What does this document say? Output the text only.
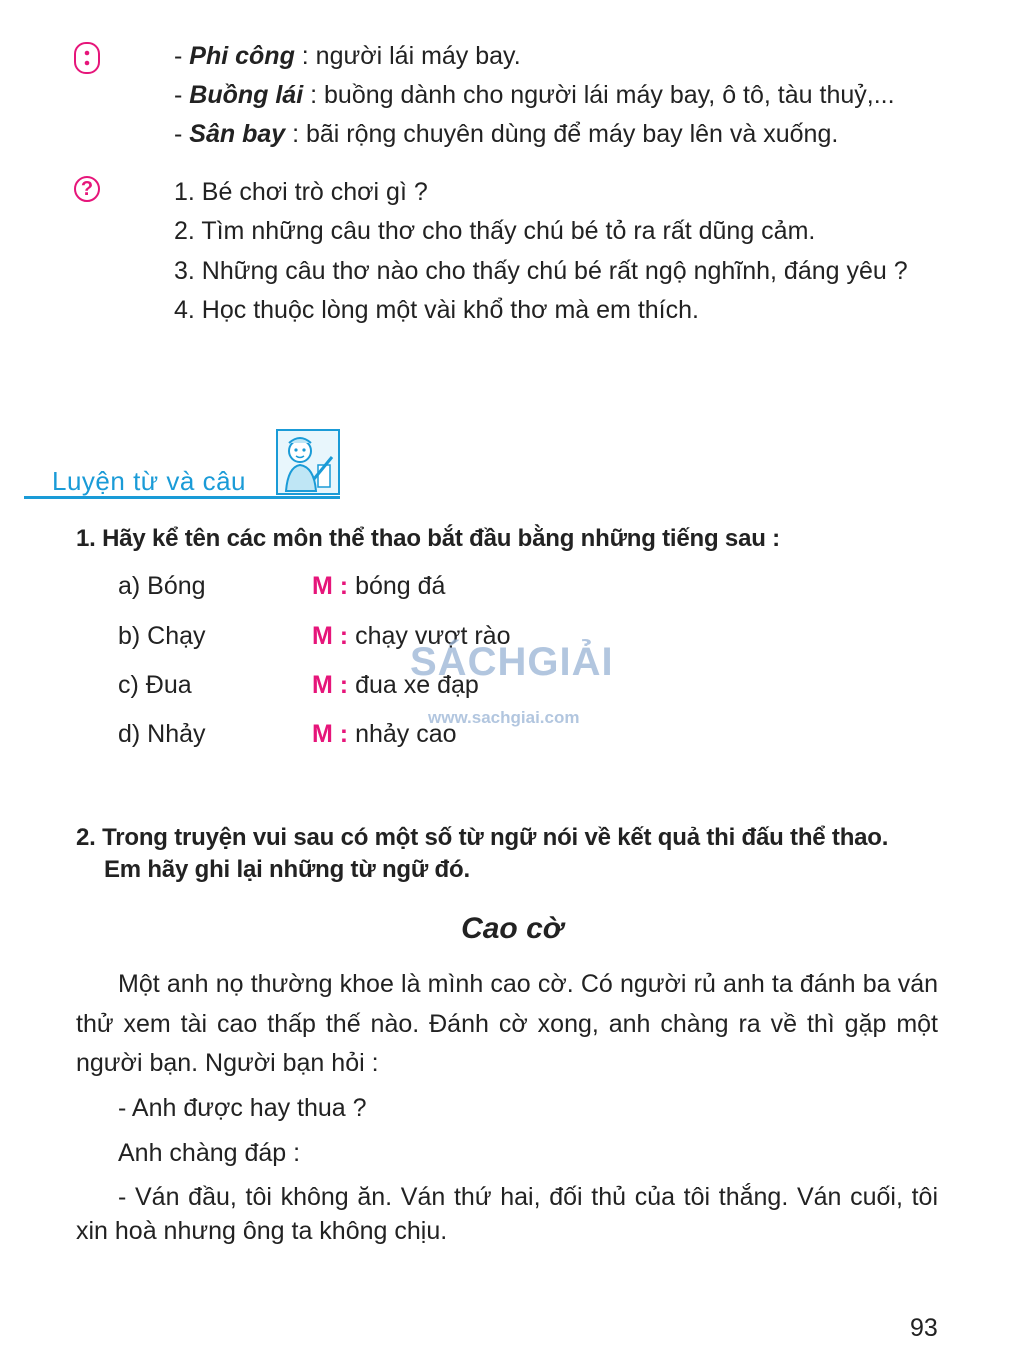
- Phi công : người lái máy bay.
- Buồng lái : buồng dành cho người lái máy bay, ô tô, tàu thuỷ,...
- Sân bay : bãi rộng chuyên dùng để máy bay lên và xuống.
?	1. Bé chơi trò chơi gì ?
2. Tìm những câu thơ cho thấy chú bé tỏ ra rất dũng cảm.
3. Những câu thơ nào cho thấy chú bé rất ngộ nghĩnh, đáng yêu ?
4. Học thuộc lòng một vài khổ thơ mà em thích.
Luyện từ và câu
1. Hãy kể tên các môn thể thao bắt đầu bằng những tiếng sau :
a) Bóng	M : bóng đá
b) Chạy	M : chạy vượt rào
c) Đua	M : đua xe đạp
d) Nhảy	M : nhảy cao
SÁCHGIẢI
www.sachgiai.com
2. Trong truyện vui sau có một số từ ngữ nói về kết quả thi đấu thể thao.
Em hãy ghi lại những từ ngữ đó.
Cao cờ
Một anh nọ thường khoe là mình cao cờ. Có người rủ anh ta đánh ba ván thử xem tài cao thấp thế nào. Đánh cờ xong, anh chàng ra về thì gặp một người bạn. Người bạn hỏi :
- Anh được hay thua ?
Anh chàng đáp :
- Ván đầu, tôi không ăn. Ván thứ hai, đối thủ của tôi thắng. Ván cuối, tôi xin hoà nhưng ông ta không chịu.
93
